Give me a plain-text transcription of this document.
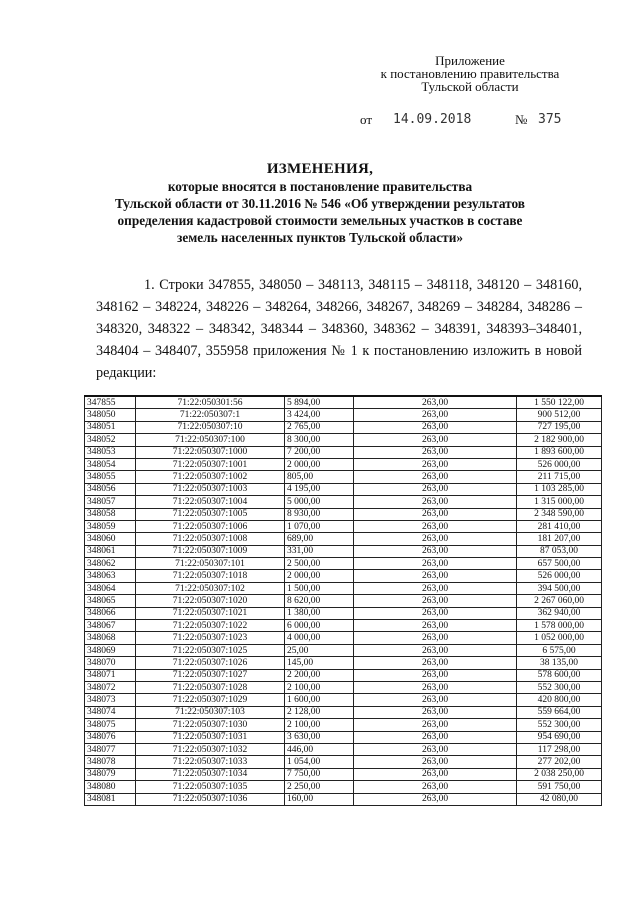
Приложение
к постановлению правительства
Тульской области
от 14.09.2018	№ 375
ИЗМЕНЕНИЯ,
которые вносятся в постановление правительства
Тульской области от 30.11.2016 № 546 «Об утверждении результатов
определения кадастровой стоимости земельных участков в составе
земель населенных пунктов Тульской области»

1. Строки 347855, 348050 – 348113, 348115 – 348118, 348120 – 348160, 348162 – 348224, 348226 – 348264, 348266, 348267, 348269 – 348284, 348286 – 348320, 348322 – 348342, 348344 – 348360, 348362 – 348391, 348393–348401, 348404 – 348407, 355958 приложения № 1 к постановлению изложить в новой редакции:

347855	71:22:050301:56	5 894,00	263,00	1 550 122,00
348050	71:22:050307:1	3 424,00	263,00	900 512,00
348051	71:22:050307:10	2 765,00	263,00	727 195,00
348052	71:22:050307:100	8 300,00	263,00	2 182 900,00
348053	71:22:050307:1000	7 200,00	263,00	1 893 600,00
348054	71:22:050307:1001	2 000,00	263,00	526 000,00
348055	71:22:050307:1002	805,00	263,00	211 715,00
348056	71:22:050307:1003	4 195,00	263,00	1 103 285,00
348057	71:22:050307:1004	5 000,00	263,00	1 315 000,00
348058	71:22:050307:1005	8 930,00	263,00	2 348 590,00
348059	71:22:050307:1006	1 070,00	263,00	281 410,00
348060	71:22:050307:1008	689,00	263,00	181 207,00
348061	71:22:050307:1009	331,00	263,00	87 053,00
348062	71:22:050307:101	2 500,00	263,00	657 500,00
348063	71:22:050307:1018	2 000,00	263,00	526 000,00
348064	71:22:050307:102	1 500,00	263,00	394 500,00
348065	71:22:050307:1020	8 620,00	263,00	2 267 060,00
348066	71:22:050307:1021	1 380,00	263,00	362 940,00
348067	71:22:050307:1022	6 000,00	263,00	1 578 000,00
348068	71:22:050307:1023	4 000,00	263,00	1 052 000,00
348069	71:22:050307:1025	25,00	263,00	6 575,00
348070	71:22:050307:1026	145,00	263,00	38 135,00
348071	71:22:050307:1027	2 200,00	263,00	578 600,00
348072	71:22:050307:1028	2 100,00	263,00	552 300,00
348073	71:22:050307:1029	1 600,00	263,00	420 800,00
348074	71:22:050307:103	2 128,00	263,00	559 664,00
348075	71:22:050307:1030	2 100,00	263,00	552 300,00
348076	71:22:050307:1031	3 630,00	263,00	954 690,00
348077	71:22:050307:1032	446,00	263,00	117 298,00
348078	71:22:050307:1033	1 054,00	263,00	277 202,00
348079	71:22:050307:1034	7 750,00	263,00	2 038 250,00
348080	71:22:050307:1035	2 250,00	263,00	591 750,00
348081	71:22:050307:1036	160,00	263,00	42 080,00
